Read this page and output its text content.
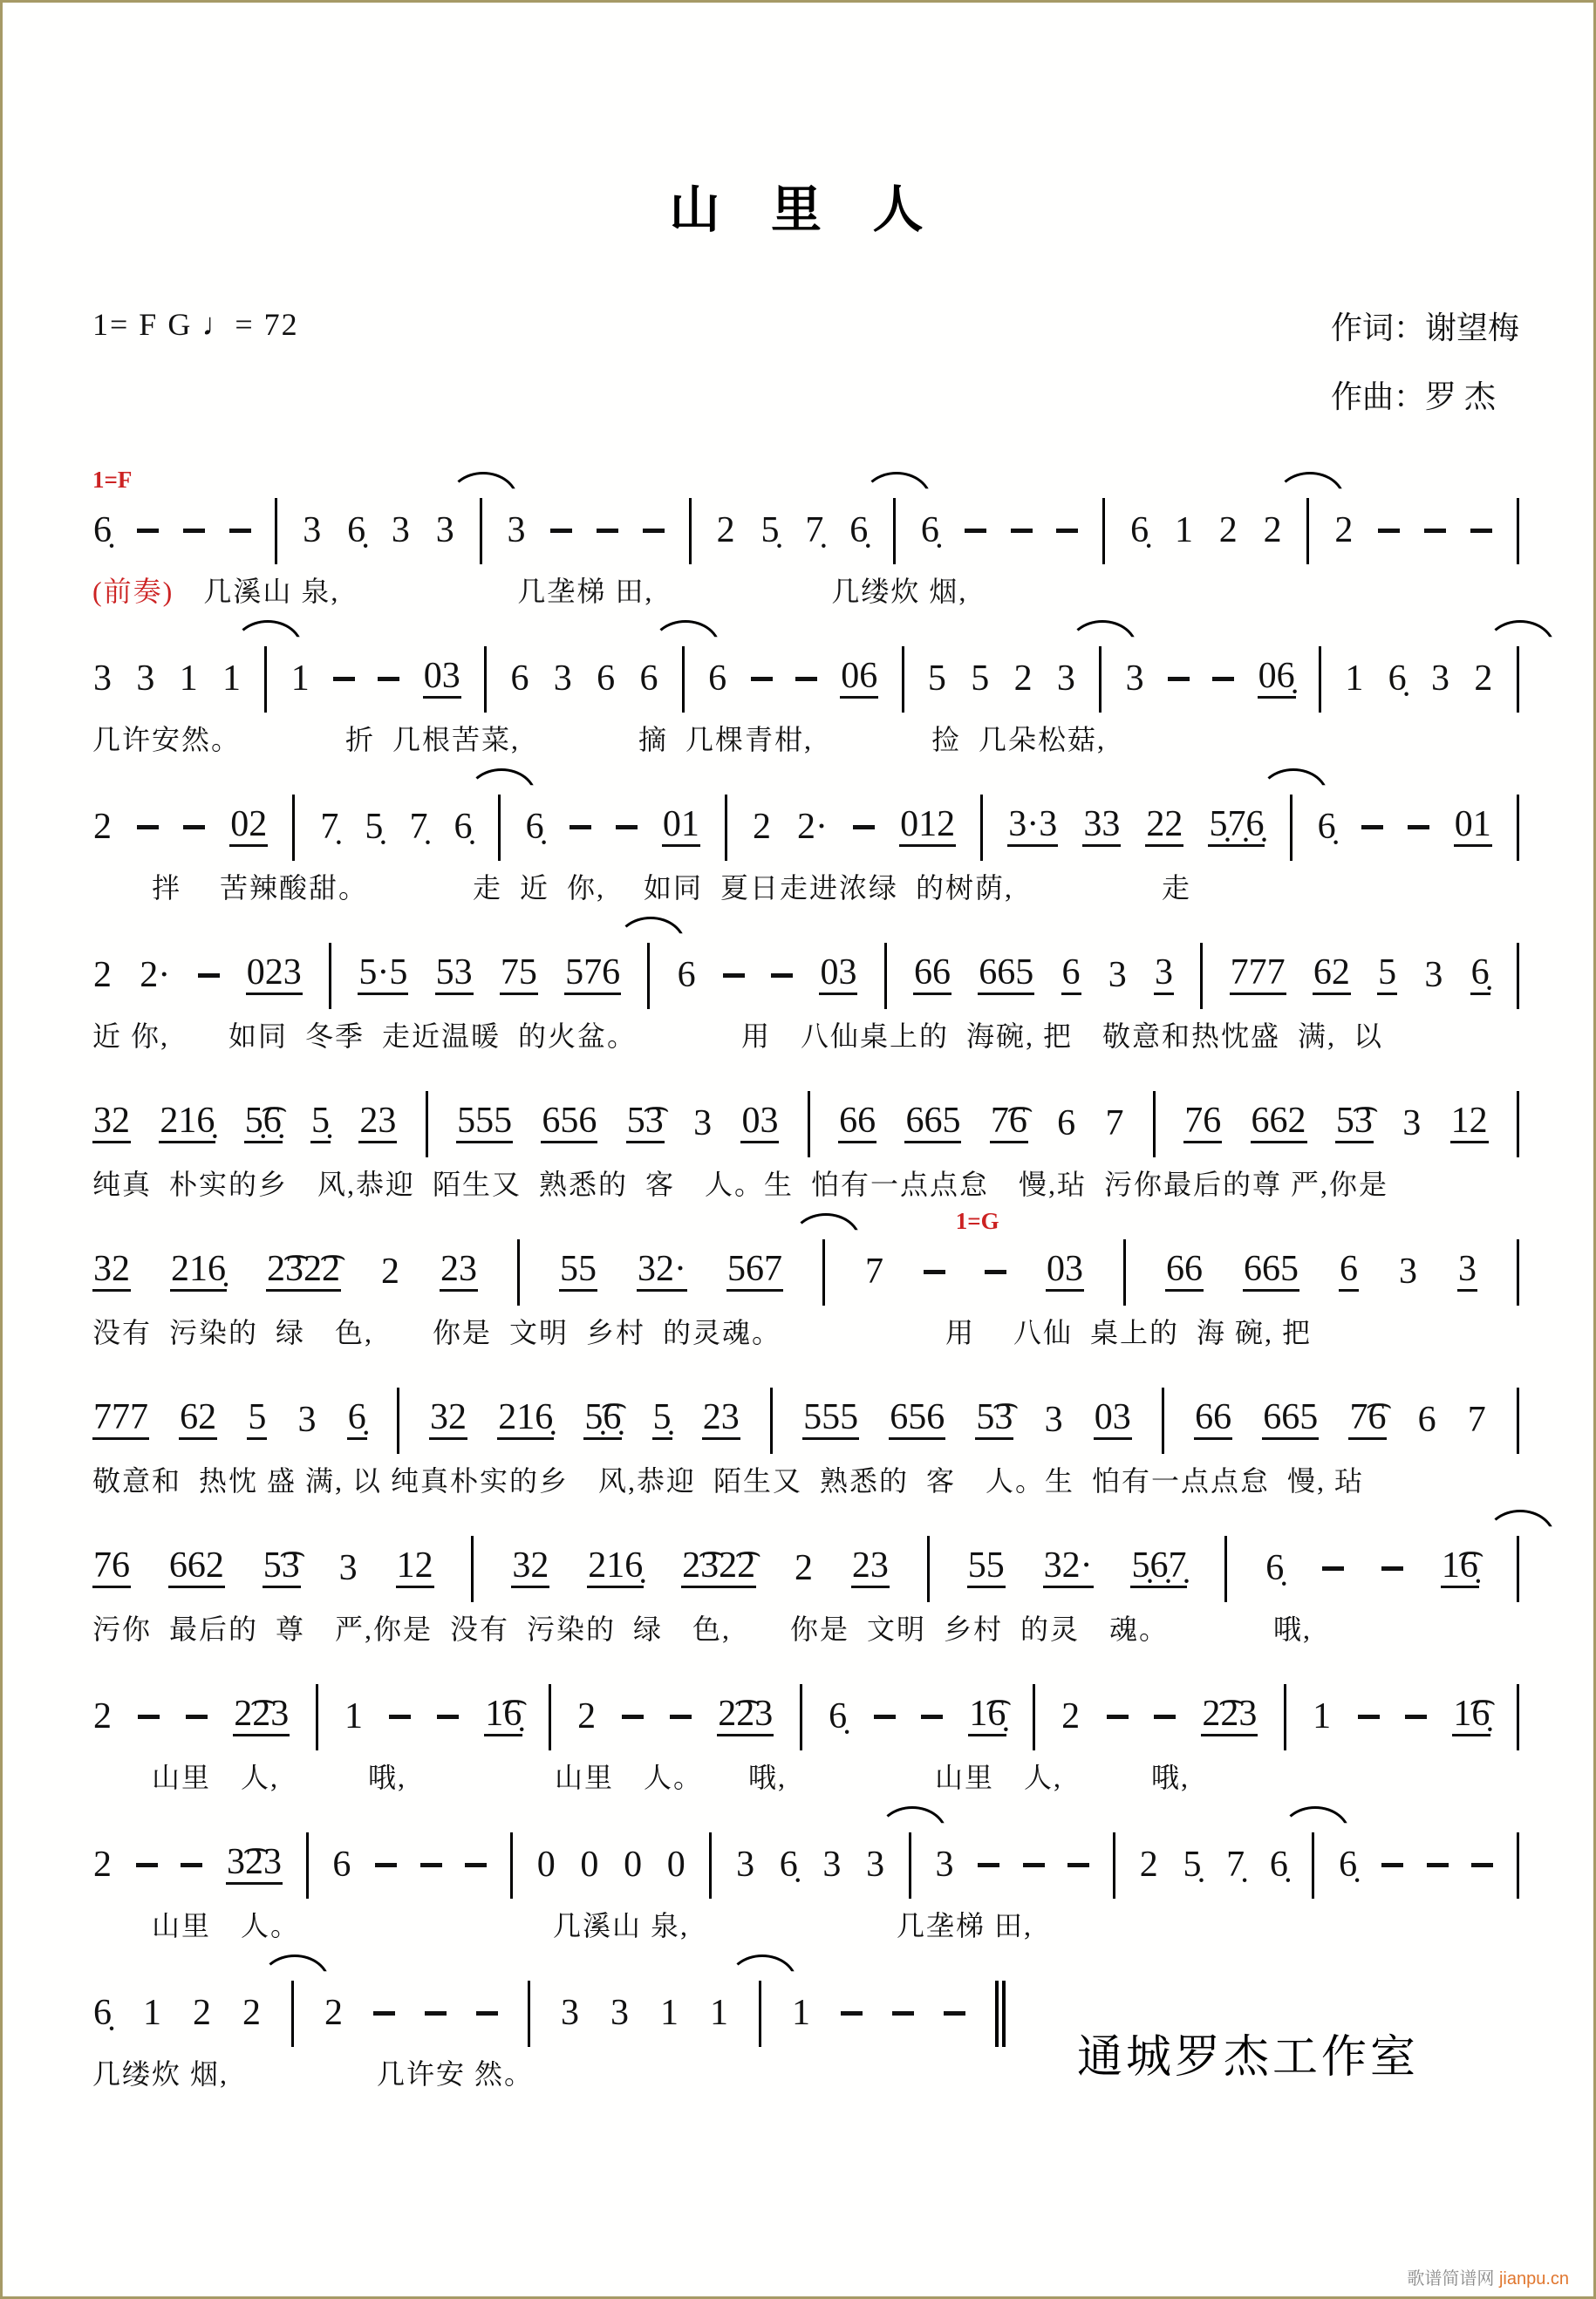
山 里 人
1= F G ♩= 72	作词：谢望梅
作曲：罗 杰
1=F
6̣	3 6̣ 3 3 3	2 5̣ 7̣ 6̣ 6̣	6̣ 1 2 2 2
(前奏)　几溪山 泉,　　　　　　几垄梯 田,　　　　　　几缕炊 烟,
3 3 1 1 1	03 6 3 6 6 6	06 5 5 2 3 3	06̣ 1 6̣ 3 2
几许安然。　　　　折  几根苦菜,　　　　摘  几棵青柑,　　　　捡  几朵松菇,
2	02 7̣ 5̣ 7̣ 6̣ 6̣	01 2 2· 012 3·3 33 22 5̣7̣6̣ 6̣	01
　　拌　 苦辣酸甜。　　　　走  近  你,　 如同  夏日走进浓绿  的树荫,　　　　　走
2 2· 023 5·5 53 75 576 6	03 66 665 6 3 3 777 62 5 3 6̣
近 你,　　如同  冬季  走近温暖  的火盆。　　　　用　八仙桌上的  海碗, 把　敬意和热忱盛  满,  以
32 216̣ 5̣͡6̣ 5̣ 23 555 656 5͡3 3 03 66 665 7͡6 6 7 76 662 5͡3 3 12
纯真  朴实的乡　风,恭迎  陌生又  熟悉的  客　人。生  怕有一点点怠　慢,玷  污你最后的尊 严,你是
1=G
32 216̣ 2͡32͡2 2 23 55 32· 567 7	03 66 665 6 3 3
没有  污染的  绿　色,　　你是  文明  乡村  的灵魂。　　　　　　用　 八仙  桌上的  海 碗, 把
777 62 5 3 6̣ 32 216̣ 5̣͡6̣ 5̣ 23 555 656 5͡3 3 03 66 665 7͡6 6 7
敬意和  热忱 盛 满, 以 纯真朴实的乡　风,恭迎  陌生又  熟悉的  客　人。生  怕有一点点怠  慢, 玷
76 662 5͡3 3 12 32 216̣ 2͡32͡2 2 23 55 32· 5̣6̣7̣ 6̣	1͡6̣
污你  最后的  尊　严,你是  没有  污染的  绿　色,　　你是  文明  乡村  的灵　魂。　　　　哦,
2	2͡23 1	1͡6̣ 2	2͡23 6̣	1͡6̣ 2	2͡23 1	1͡6̣
　　山里　人,　　　哦,　　　　　山里　人。　　哦,　　　　　山里　人,　　　哦,
2	3͡23 6	0 0 0 0 3 6̣ 3 3 3	2 5̣ 7̣ 6̣ 6̣
　　山里　人。　　　　　　　　　几溪山 泉,　　　　　　　几垄梯 田,
6̣ 1 2 2 2	3 3 1 1 1
几缕炊 烟,　　　　　几许安 然。	通城罗杰工作室
歌谱简谱网 jianpu.cn
